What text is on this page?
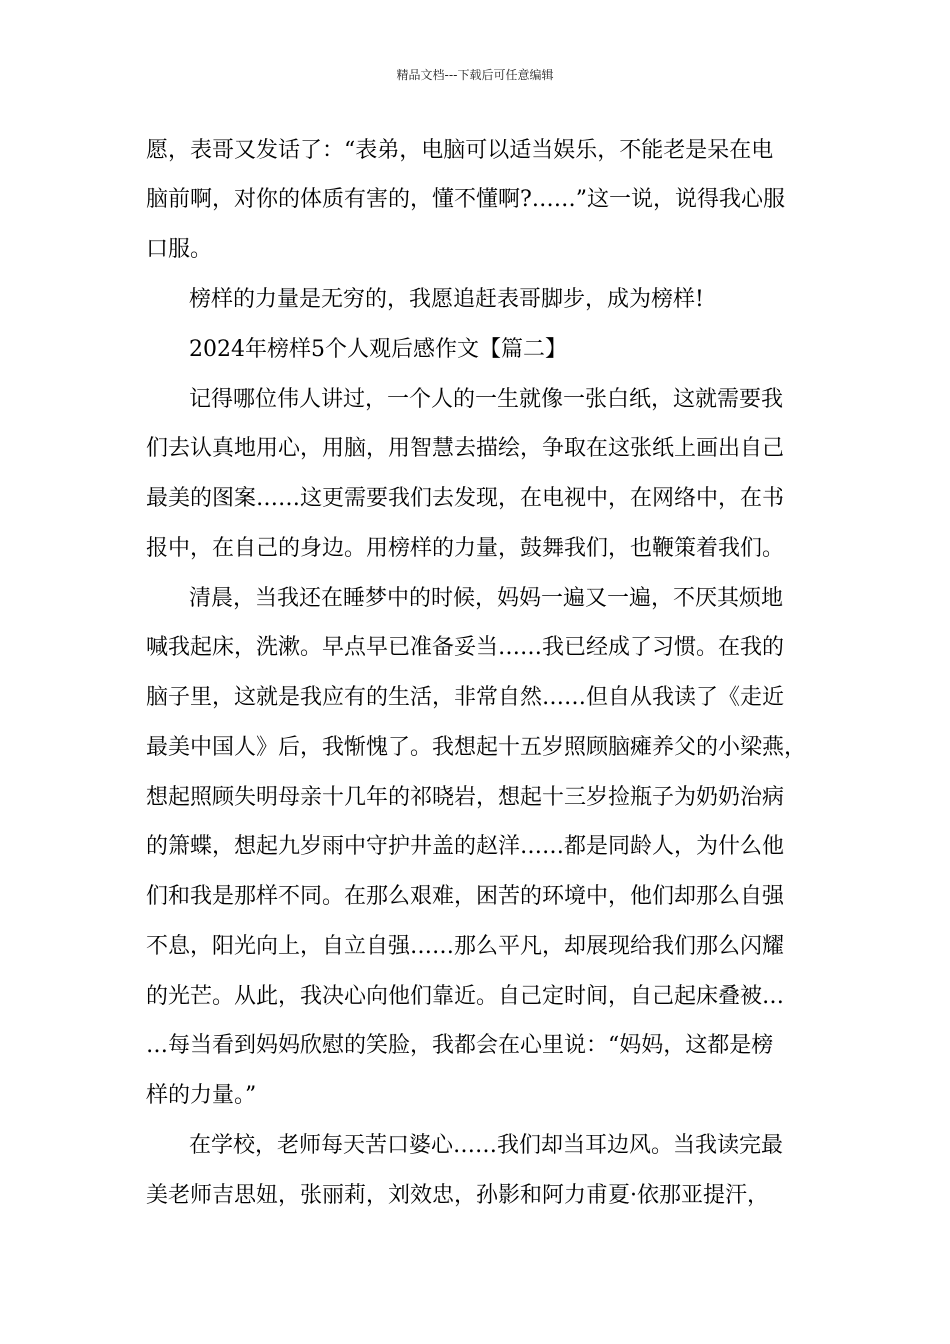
精品文档---下载后可任意编辑
愿，表哥又发话了：“表弟，电脑可以适当娱乐，不能老是呆在电
脑前啊，对你的体质有害的，懂不懂啊?……”这一说，说得我心服
口服。
榜样的力量是无穷的，我愿追赶表哥脚步，成为榜样!
2024年榜样5个人观后感作文【篇二】
记得哪位伟人讲过，一个人的一生就像一张白纸，这就需要我
们去认真地用心，用脑，用智慧去描绘，争取在这张纸上画出自己
最美的图案……这更需要我们去发现，在电视中，在网络中，在书
报中，在自己的身边。用榜样的力量，鼓舞我们，也鞭策着我们。
清晨，当我还在睡梦中的时候，妈妈一遍又一遍，不厌其烦地
喊我起床，洗漱。早点早已准备妥当……我已经成了习惯。在我的
脑子里，这就是我应有的生活，非常自然……但自从我读了《走近
最美中国人》后，我惭愧了。我想起十五岁照顾脑瘫养父的小梁燕，
想起照顾失明母亲十几年的祁晓岩，想起十三岁捡瓶子为奶奶治病
的箫蝶，想起九岁雨中守护井盖的赵洋……都是同龄人，为什么他
们和我是那样不同。在那么艰难，困苦的环境中，他们却那么自强
不息，阳光向上，自立自强……那么平凡，却展现给我们那么闪耀
的光芒。从此，我决心向他们靠近。自己定时间，自己起床叠被…
…每当看到妈妈欣慰的笑脸，我都会在心里说：“妈妈，这都是榜
样的力量。”
在学校，老师每天苦口婆心……我们却当耳边风。当我读完最
美老师吉思妞，张丽莉，刘效忠，孙影和阿力甫夏·依那亚提汗，
